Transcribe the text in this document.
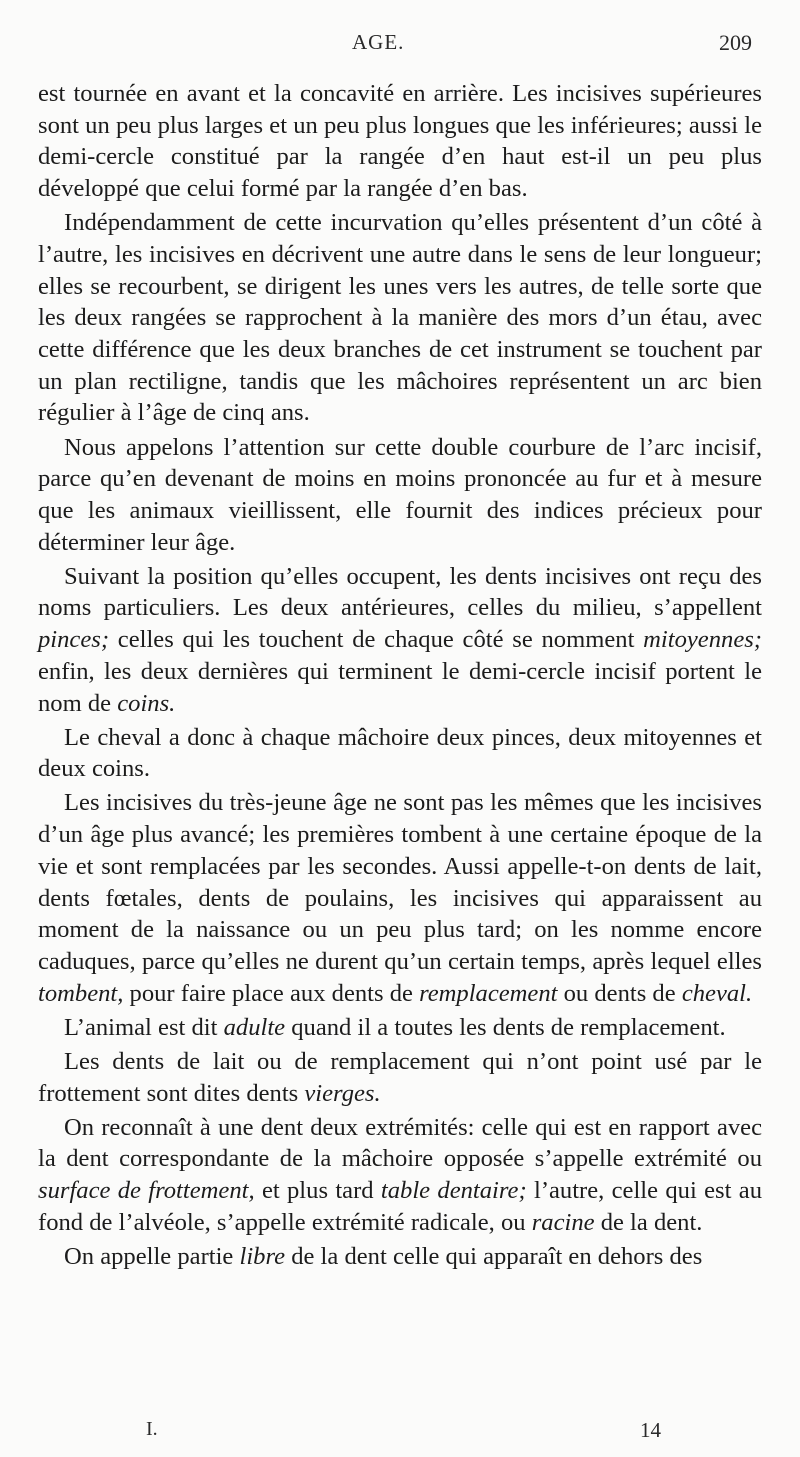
AGE.	209

est tournée en avant et la concavité en arrière. Les incisives supérieures sont un peu plus larges et un peu plus longues que les inférieures; aussi le demi-cercle constitué par la rangée d’en haut est-il un peu plus développé que celui formé par la rangée d’en bas.

Indépendamment de cette incurvation qu’elles présentent d’un côté à l’autre, les incisives en décrivent une autre dans le sens de leur longueur; elles se recourbent, se dirigent les unes vers les autres, de telle sorte que les deux rangées se rapprochent à la manière des mors d’un étau, avec cette différence que les deux branches de cet instrument se touchent par un plan rectiligne, tandis que les mâchoires représentent un arc bien régulier à l’âge de cinq ans.

Nous appelons l’attention sur cette double courbure de l’arc incisif, parce qu’en devenant de moins en moins prononcée au fur et à mesure que les animaux vieillissent, elle fournit des indices précieux pour déterminer leur âge.

Suivant la position qu’elles occupent, les dents incisives ont reçu des noms particuliers. Les deux antérieures, celles du milieu, s’appellent pinces; celles qui les touchent de chaque côté se nomment mitoyennes; enfin, les deux dernières qui terminent le demi-cercle incisif portent le nom de coins.

Le cheval a donc à chaque mâchoire deux pinces, deux mitoyennes et deux coins.

Les incisives du très-jeune âge ne sont pas les mêmes que les incisives d’un âge plus avancé; les premières tombent à une certaine époque de la vie et sont remplacées par les secondes. Aussi appelle-t-on dents de lait, dents fœtales, dents de poulains, les incisives qui apparaissent au moment de la naissance ou un peu plus tard; on les nomme encore caduques, parce qu’elles ne durent qu’un certain temps, après lequel elles tombent, pour faire place aux dents de remplacement ou dents de cheval.

L’animal est dit adulte quand il a toutes les dents de remplacement.

Les dents de lait ou de remplacement qui n’ont point usé par le frottement sont dites dents vierges.

On reconnaît à une dent deux extrémités: celle qui est en rapport avec la dent correspondante de la mâchoire opposée s’appelle extrémité ou surface de frottement, et plus tard table dentaire; l’autre, celle qui est au fond de l’alvéole, s’appelle extrémité radicale, ou racine de la dent.

On appelle partie libre de la dent celle qui apparaît en dehors des

I.	14
